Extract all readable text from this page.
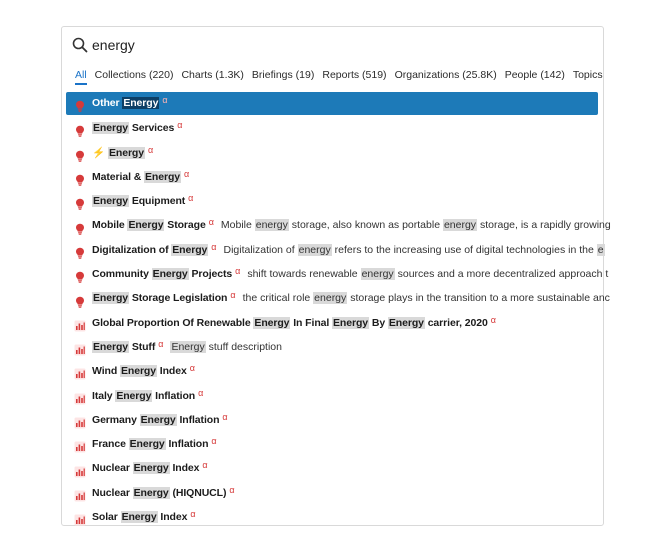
energy
All Collections (220) Charts (1.3K) Briefings (19) Reports (519) Organizations (25.8K) People (142) Topics
Other Energy α
Energy Services α
⚡ Energy α
Material & Energy α
Energy Equipment α
Mobile Energy Storage α Mobile energy storage, also known as portable energy storage, is a rapidly growing
Digitalization of Energy α Digitalization of energy refers to the increasing use of digital technologies in the e
Community Energy Projects α shift towards renewable energy sources and a more decentralized approach t
Energy Storage Legislation α the critical role energy storage plays in the transition to a more sustainable anc
Global Proportion Of Renewable Energy In Final Energy By Energy carrier, 2020 α
Energy Stuff α Energy stuff description
Wind Energy Index α
Italy Energy Inflation α
Germany Energy Inflation α
France Energy Inflation α
Nuclear Energy Index α
Nuclear Energy (HIQNUCL) α
Solar Energy Index α
